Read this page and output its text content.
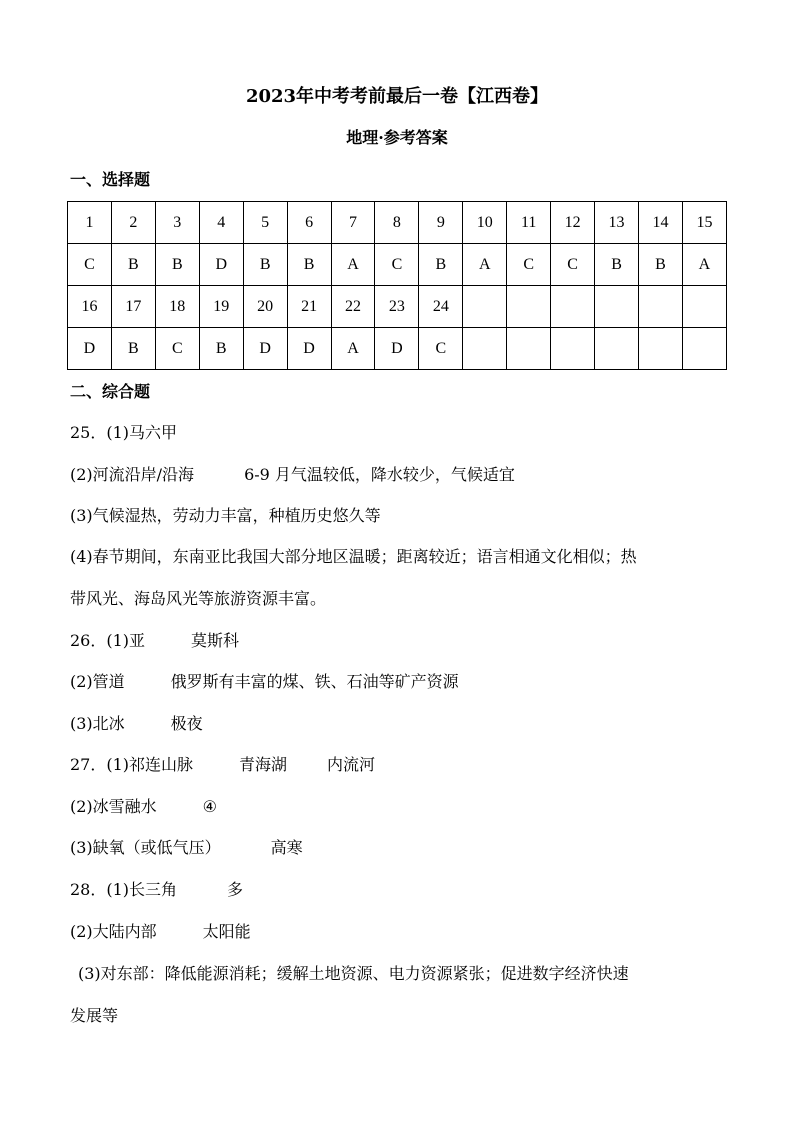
2023年中考考前最后一卷【江西卷】
地理·参考答案
一、选择题
1	2	3	4	5	6	7	8	9	10	11	12	13	14	15
C	B	B	D	B	B	A	C	B	A	C	C	B	B	A
16	17	18	19	20	21	22	23	24						
D	B	C	B	D	D	A	D	C						
二、综合题
25．(1)马六甲
(2)河流沿岸/沿海	6-9 月气温较低，降水较少，气候适宜
(3)气候湿热，劳动力丰富，种植历史悠久等
(4)春节期间，东南亚比我国大部分地区温暖；距离较近；语言相通文化相似；热
带风光、海岛风光等旅游资源丰富。
26．(1)亚	莫斯科
(2)管道	俄罗斯有丰富的煤、铁、石油等矿产资源
(3)北冰	极夜
27．(1)祁连山脉	青海湖	内流河
(2)冰雪融水	④
(3)缺氧（或低气压）	高寒
28．(1)长三角	多
(2)大陆内部	太阳能
(3)对东部：降低能源消耗；缓解土地资源、电力资源紧张；促进数字经济快速
发展等
